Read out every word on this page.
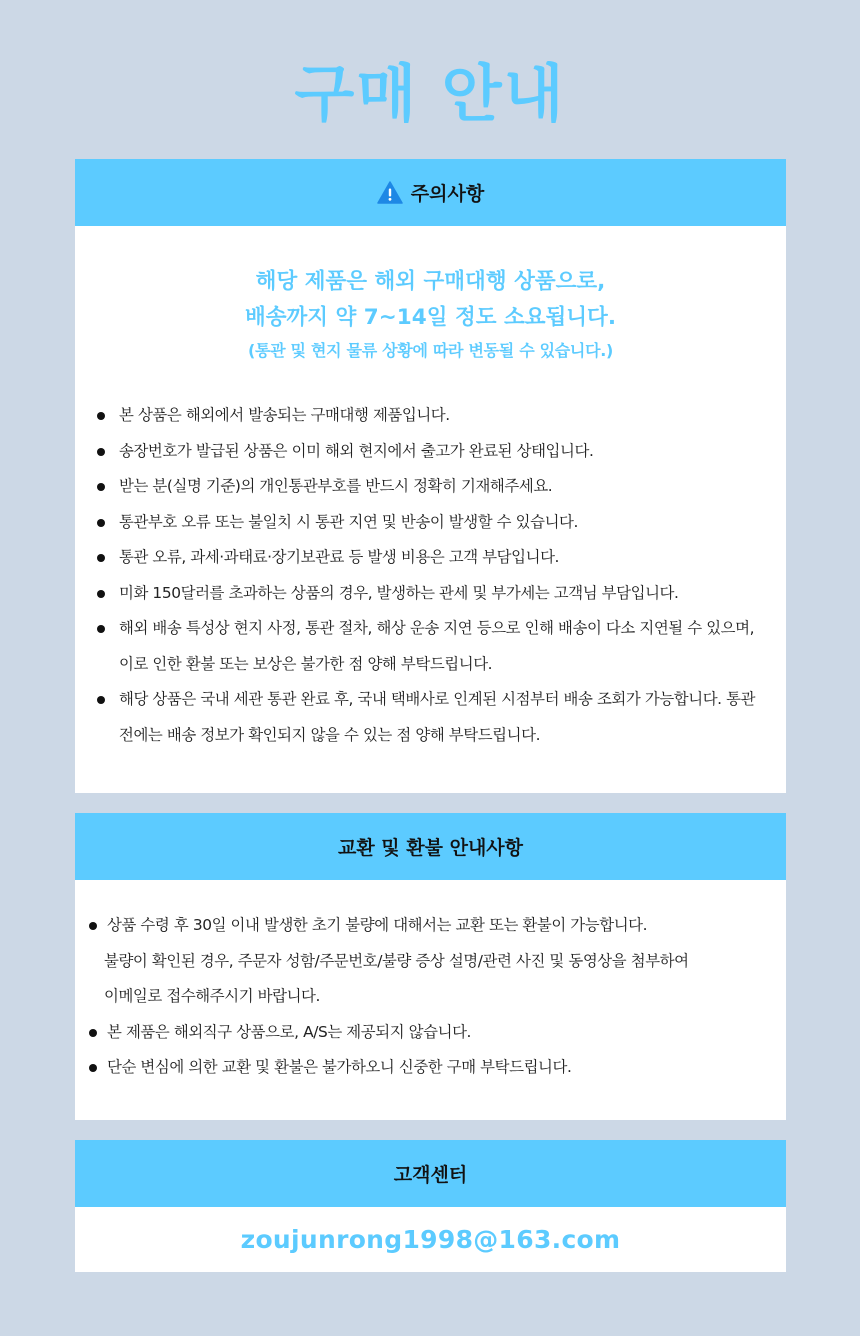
구매 안내
주의사항
해당 제품은 해외 구매대행 상품으로,
배송까지 약 7~14일 정도 소요됩니다.
(통관 및 현지 물류 상황에 따라 변동될 수 있습니다.)
본 상품은 해외에서 발송되는 구매대행 제품입니다.
송장번호가 발급된 상품은 이미 해외 현지에서 출고가 완료된 상태입니다.
받는 분(실명 기준)의 개인통관부호를 반드시 정확히 기재해주세요.
통관부호 오류 또는 불일치 시 통관 지연 및 반송이 발생할 수 있습니다.
통관 오류, 과세·과태료·장기보관료 등 발생 비용은 고객 부담입니다.
미화 150달러를 초과하는 상품의 경우, 발생하는 관세 및 부가세는 고객님 부담입니다.
해외 배송 특성상 현지 사정, 통관 절차, 해상 운송 지연 등으로 인해 배송이 다소 지연될 수 있으며, 이로 인한 환불 또는 보상은 불가한 점 양해 부탁드립니다.
해당 상품은 국내 세관 통관 완료 후, 국내 택배사로 인계된 시점부터 배송 조회가 가능합니다. 통관 전에는 배송 정보가 확인되지 않을 수 있는 점 양해 부탁드립니다.
교환 및 환불 안내사항
상품 수령 후 30일 이내 발생한 초기 불량에 대해서는 교환 또는 환불이 가능합니다.
불량이 확인된 경우, 주문자 성함/주문번호/불량 증상 설명/관련 사진 및 동영상을 첨부하여
이메일로 접수해주시기 바랍니다.
본 제품은 해외직구 상품으로, A/S는 제공되지 않습니다.
단순 변심에 의한 교환 및 환불은 불가하오니 신중한 구매 부탁드립니다.
고객센터
zoujunrong1998@163.com
